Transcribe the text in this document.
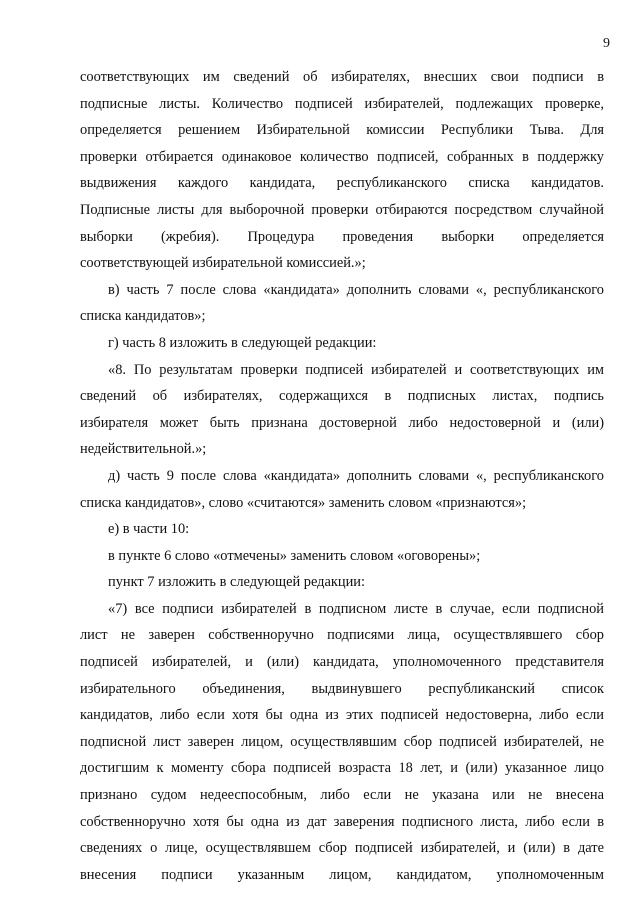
9
соответствующих им сведений об избирателях, внесших свои подписи в
подписные листы. Количество подписей избирателей, подлежащих проверке,
определяется решением Избирательной комиссии Республики Тыва. Для
проверки отбирается одинаковое количество подписей, собранных в поддержку
выдвижения каждого кандидата, республиканского списка кандидатов.
Подписные листы для выборочной проверки отбираются посредством случайной
выборки (жребия). Процедура проведения выборки определяется
соответствующей избирательной комиссией.»;
в) часть 7 после слова «кандидата» дополнить словами «, республиканского
списка кандидатов»;
г) часть 8 изложить в следующей редакции:
«8. По результатам проверки подписей избирателей и соответствующих им
сведений об избирателях, содержащихся в подписных листах, подпись
избирателя может быть признана достоверной либо недостоверной и (или)
недействительной.»;
д) часть 9 после слова «кандидата» дополнить словами «, республиканского
списка кандидатов», слово «считаются» заменить словом «признаются»;
е) в части 10:
в пункте 6 слово «отмечены» заменить словом «оговорены»;
пункт 7 изложить в следующей редакции:
«7) все подписи избирателей в подписном листе в случае, если подписной
лист не заверен собственноручно подписями лица, осуществлявшего сбор
подписей избирателей, и (или) кандидата, уполномоченного представителя
избирательного объединения, выдвинувшего республиканский список
кандидатов, либо если хотя бы одна из этих подписей недостоверна, либо если
подписной лист заверен лицом, осуществлявшим сбор подписей избирателей, не
достигшим к моменту сбора подписей возраста 18 лет, и (или) указанное лицо
признано судом недееспособным, либо если не указана или не внесена
собственноручно хотя бы одна из дат заверения подписного листа, либо если в
сведениях о лице, осуществлявшем сбор подписей избирателей, и (или) в дате
внесения подписи указанным лицом, кандидатом, уполномоченным
